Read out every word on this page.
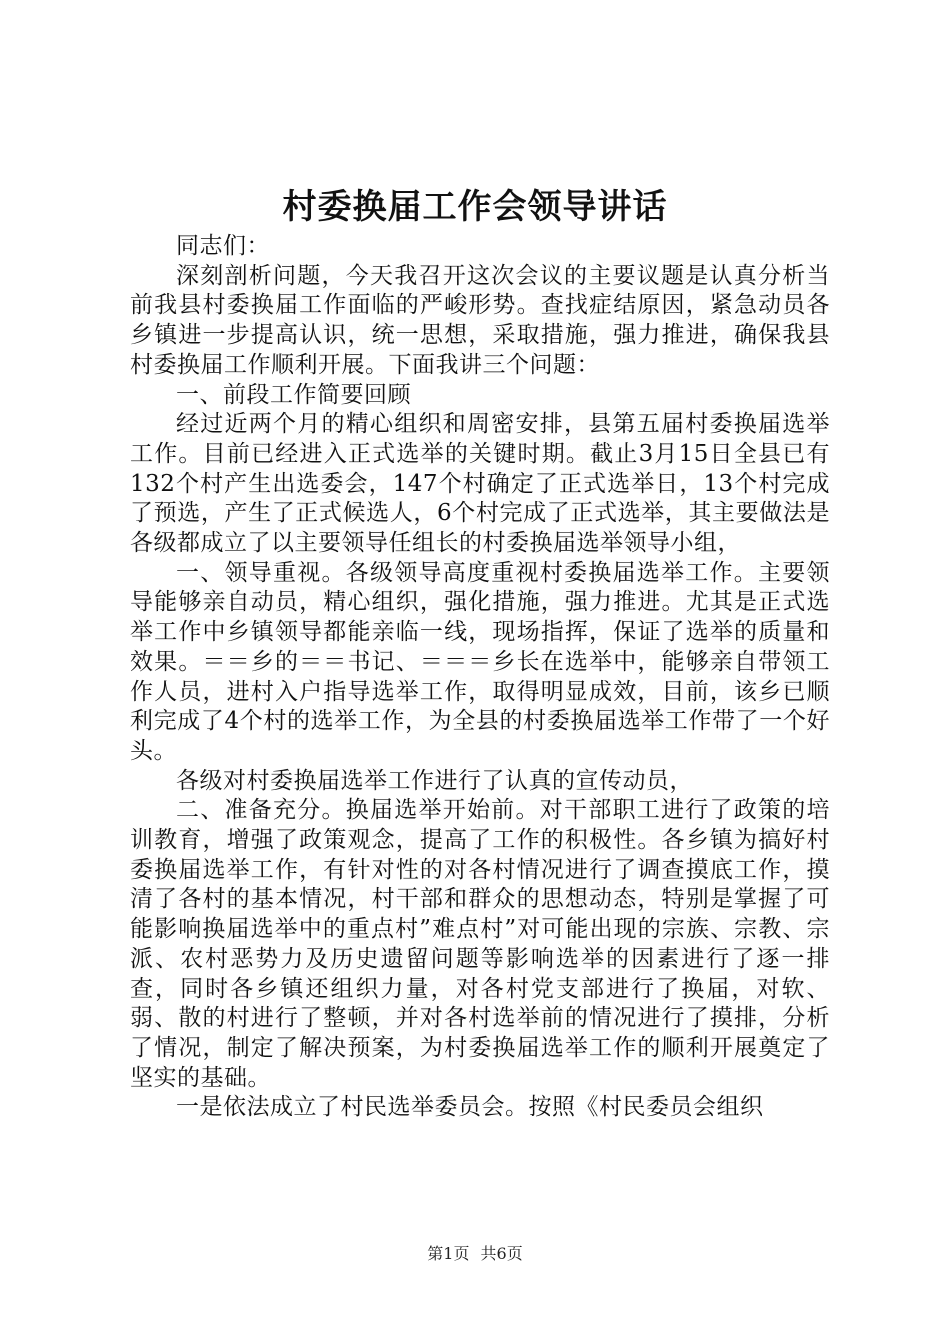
村委换届工作会领导讲话

同志们：

深刻剖析问题，今天我召开这次会议的主要议题是认真分析当前我县村委换届工作面临的严峻形势。查找症结原因，紧急动员各乡镇进一步提高认识，统一思想，采取措施，强力推进，确保我县村委换届工作顺利开展。下面我讲三个问题：

一、前段工作简要回顾

经过近两个月的精心组织和周密安排，县第五届村委换届选举工作。目前已经进入正式选举的关键时期。截止3月15日全县已有132个村产生出选委会，147个村确定了正式选举日，13个村完成了预选，产生了正式候选人，6个村完成了正式选举，其主要做法是各级都成立了以主要领导任组长的村委换届选举领导小组，

一、领导重视。各级领导高度重视村委换届选举工作。主要领导能够亲自动员，精心组织，强化措施，强力推进。尤其是正式选举工作中乡镇领导都能亲临一线，现场指挥，保证了选举的质量和效果。＝＝乡的＝＝书记、＝＝＝乡长在选举中，能够亲自带领工作人员，进村入户指导选举工作，取得明显成效，目前，该乡已顺利完成了4个村的选举工作，为全县的村委换届选举工作带了一个好头。

各级对村委换届选举工作进行了认真的宣传动员，

二、准备充分。换届选举开始前。对干部职工进行了政策的培训教育，增强了政策观念，提高了工作的积极性。各乡镇为搞好村委换届选举工作，有针对性的对各村情况进行了调查摸底工作，摸清了各村的基本情况，村干部和群众的思想动态，特别是掌握了可能影响换届选举中的重点村”难点村”对可能出现的宗族、宗教、宗派、农村恶势力及历史遗留问题等影响选举的因素进行了逐一排查，同时各乡镇还组织力量，对各村党支部进行了换届，对软、弱、散的村进行了整顿，并对各村选举前的情况进行了摸排，分析了情况，制定了解决预案，为村委换届选举工作的顺利开展奠定了坚实的基础。

一是依法成立了村民选举委员会。按照《村民委员会组织

第1页 共6页
